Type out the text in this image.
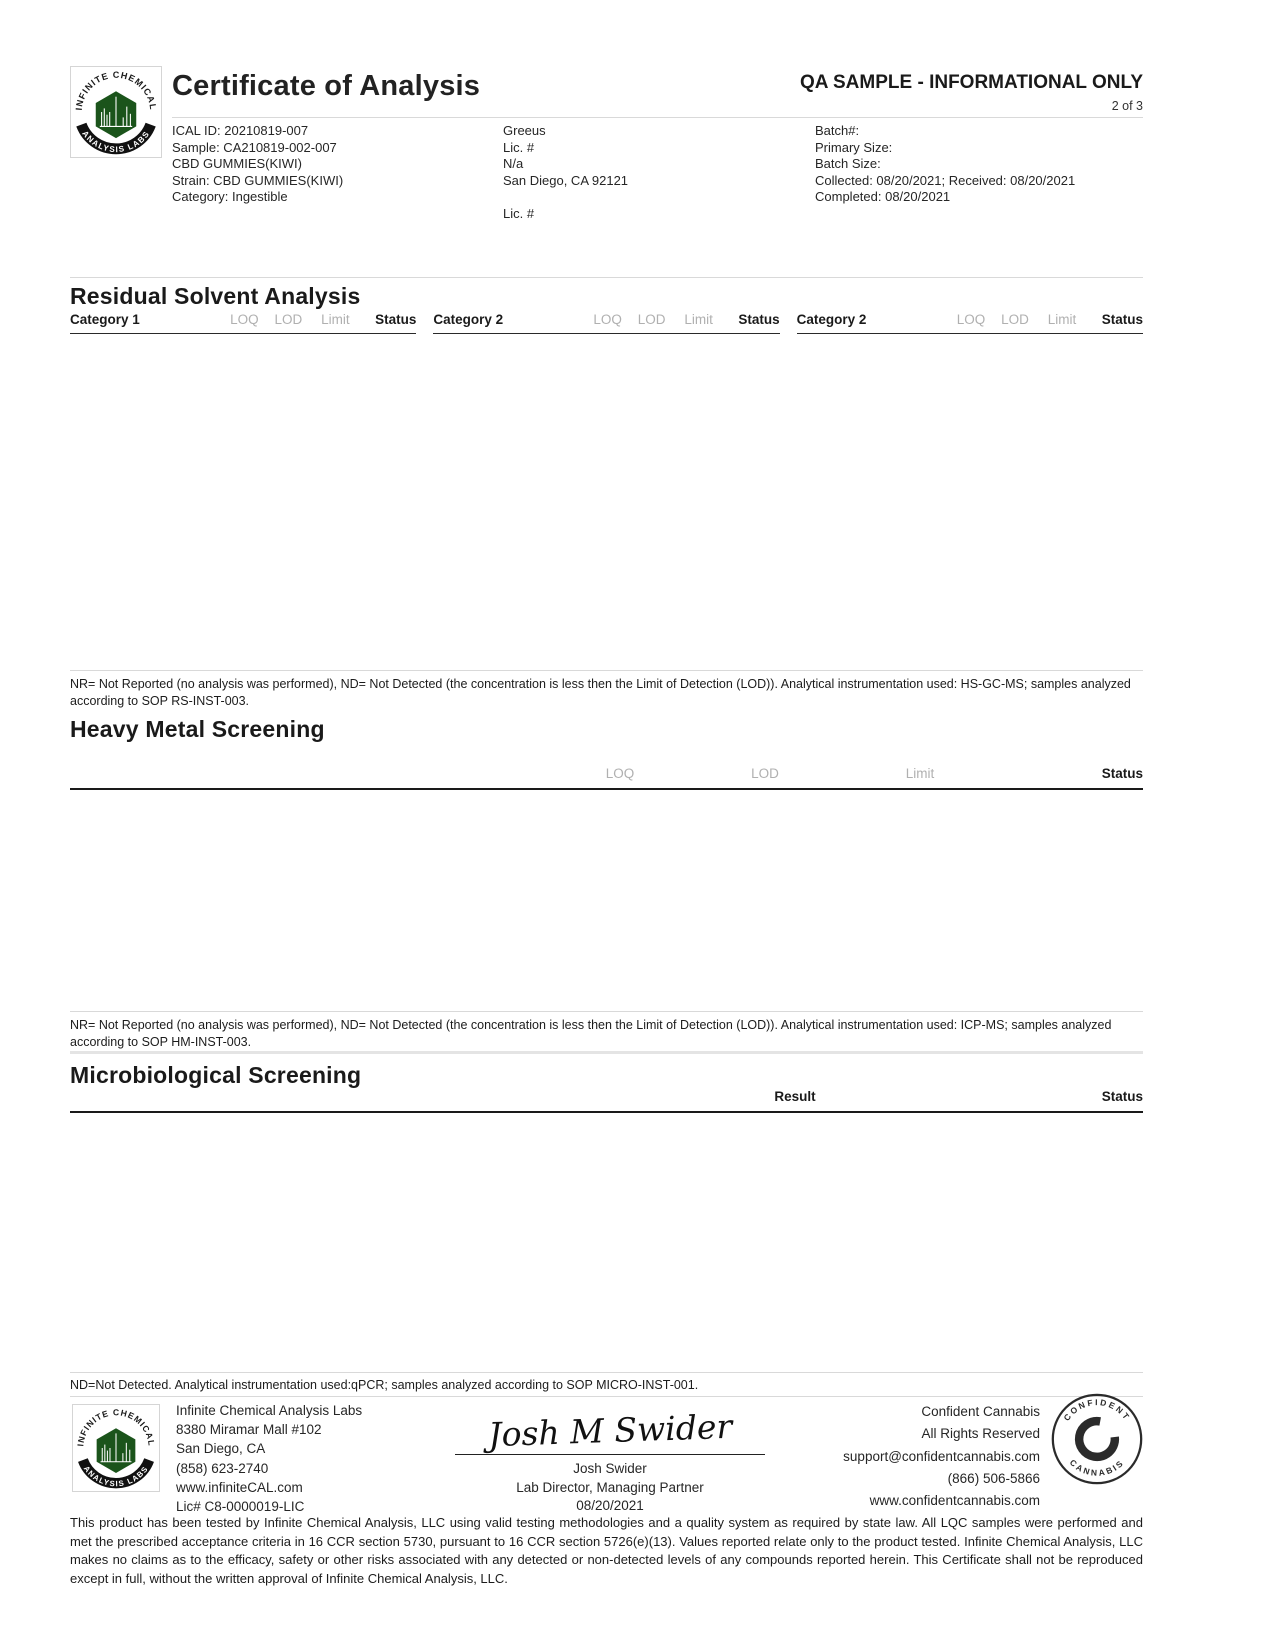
INFINITE CHEMICAL
ANALYSIS LABS
Certificate of Analysis	QA SAMPLE - INFORMATIONAL ONLY
2 of 3
ICAL ID: 20210819-007
Sample: CA210819-002-007
CBD GUMMIES(KIWI)
Strain: CBD GUMMIES(KIWI)
Category: Ingestible
Greeus
Lic. #
N/a
San Diego, CA 92121
Lic. #
Batch#:
Primary Size:
Batch Size:
Collected: 08/20/2021; Received: 08/20/2021
Completed: 08/20/2021
Residual Solvent Analysis
Category 1	LOQ	LOD	Limit	Status Category 2	LOQ	LOD	Limit	Status Category 2	LOQ	LOD	Limit	Status
NR= Not Reported (no analysis was performed), ND= Not Detected (the concentration is less then the Limit of Detection (LOD)). Analytical instrumentation used: HS-GC-MS; samples analyzed according to SOP RS-INST-003.
Heavy Metal Screening
LOQ	LOD	Limit	Status
NR= Not Reported (no analysis was performed), ND= Not Detected (the concentration is less then the Limit of Detection (LOD)). Analytical instrumentation used: ICP-MS; samples analyzed according to SOP HM-INST-003.
Microbiological Screening
Result	Status
ND=Not Detected. Analytical instrumentation used:qPCR; samples analyzed according to SOP MICRO-INST-001.
INFINITE CHEMICAL
ANALYSIS LABS
Infinite Chemical Analysis Labs
8380 Miramar Mall #102
San Diego, CA
(858) 623-2740
www.infiniteCAL.com
Lic# C8-0000019-LIC
Josh M Swider
Josh Swider
Lab Director, Managing Partner
08/20/2021
Confident Cannabis
All Rights Reserved
support@confidentcannabis.com
(866) 506-5866
www.confidentcannabis.com
CONFIDENT
CANNABIS
This product has been tested by Infinite Chemical Analysis, LLC using valid testing methodologies and a quality system as required by state law. All LQC samples were performed and met the prescribed acceptance criteria in 16 CCR section 5730, pursuant to 16 CCR section 5726(e)(13). Values reported relate only to the product tested. Infinite Chemical Analysis, LLC makes no claims as to the efficacy, safety or other risks associated with any detected or non-detected levels of any compounds reported herein. This Certificate shall not be reproduced except in full, without the written approval of Infinite Chemical Analysis, LLC.
